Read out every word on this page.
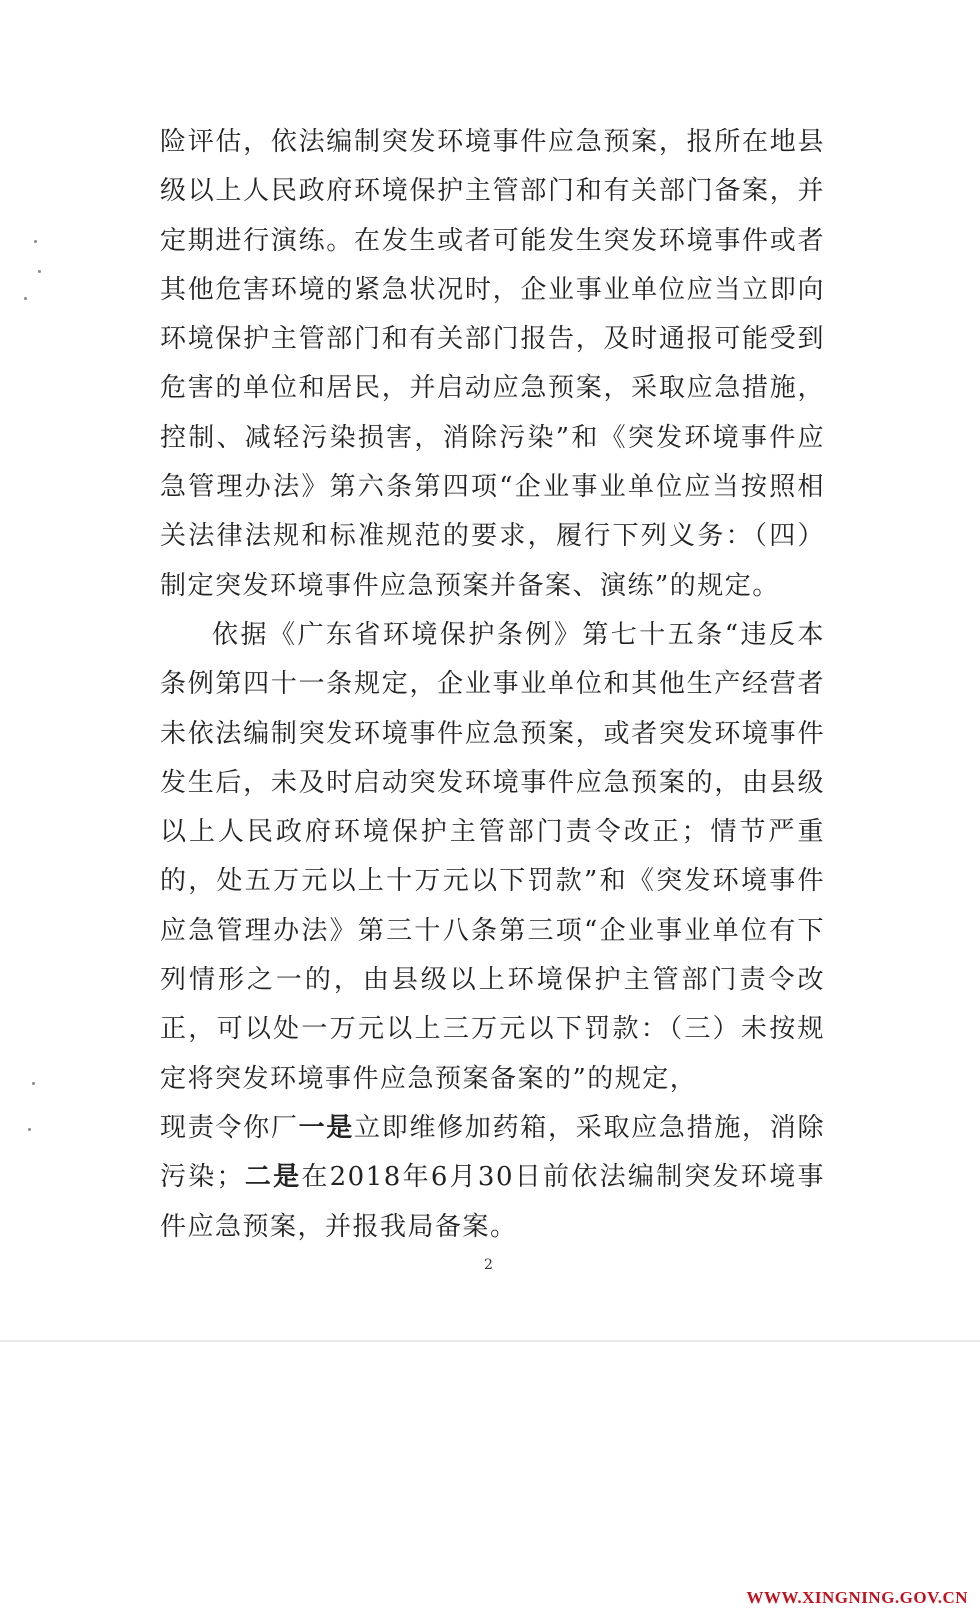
险评估，依法编制突发环境事件应急预案，报所在地县级以上人民政府环境保护主管部门和有关部门备案，并定期进行演练。在发生或者可能发生突发环境事件或者其他危害环境的紧急状况时，企业事业单位应当立即向环境保护主管部门和有关部门报告，及时通报可能受到危害的单位和居民，并启动应急预案，采取应急措施，控制、减轻污染损害，消除污染”和《突发环境事件应急管理办法》第六条第四项“企业事业单位应当按照相关法律法规和标准规范的要求，履行下列义务：（四）制定突发环境事件应急预案并备案、演练”的规定。

依据《广东省环境保护条例》第七十五条“违反本条例第四十一条规定，企业事业单位和其他生产经营者未依法编制突发环境事件应急预案，或者突发环境事件发生后，未及时启动突发环境事件应急预案的，由县级以上人民政府环境保护主管部门责令改正；情节严重的，处五万元以上十万元以下罚款”和《突发环境事件应急管理办法》第三十八条第三项“企业事业单位有下列情形之一的，由县级以上环境保护主管部门责令改正，可以处一万元以上三万元以下罚款：（三）未按规定将突发环境事件应急预案备案的”的规定，

现责令你厂一是立即维修加药箱，采取应急措施，消除污染；二是在2018年6月30日前依法编制突发环境事件应急预案，并报我局备案。

2
WWW.XINGNING.GOV.CN
